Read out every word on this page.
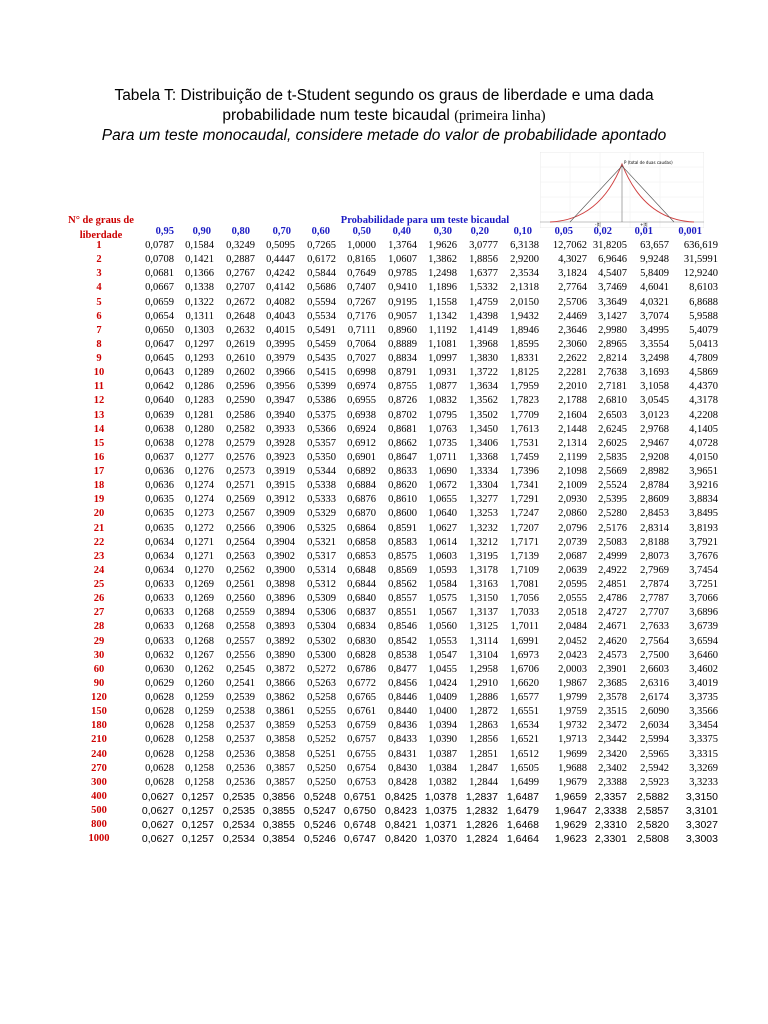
Tabela T: Distribuição de t-Student segundo os graus de liberdade e uma dada
probabilidade num teste bicaudal (primeira linha)
Para um teste monocaudal, considere metade do valor de probabilidade apontado
P (total de duas caudas)
-|t|	+|t|
N° de graus de liberdade
Probabilidade para um teste bicaudal
0,95	0,90	0,80	0,70	0,60	0,50	0,40	0,30	0,20	0,10	0,05	0,02	0,01	0,001
1	0,0787	0,1584	0,3249	0,5095	0,7265	1,0000	1,3764	1,9626	3,0777	6,3138	12,7062	31,8205	63,657	636,619
2	0,0708	0,1421	0,2887	0,4447	0,6172	0,8165	1,0607	1,3862	1,8856	2,9200	4,3027	6,9646	9,9248	31,5991
3	0,0681	0,1366	0,2767	0,4242	0,5844	0,7649	0,9785	1,2498	1,6377	2,3534	3,1824	4,5407	5,8409	12,9240
4	0,0667	0,1338	0,2707	0,4142	0,5686	0,7407	0,9410	1,1896	1,5332	2,1318	2,7764	3,7469	4,6041	8,6103
5	0,0659	0,1322	0,2672	0,4082	0,5594	0,7267	0,9195	1,1558	1,4759	2,0150	2,5706	3,3649	4,0321	6,8688
6	0,0654	0,1311	0,2648	0,4043	0,5534	0,7176	0,9057	1,1342	1,4398	1,9432	2,4469	3,1427	3,7074	5,9588
7	0,0650	0,1303	0,2632	0,4015	0,5491	0,7111	0,8960	1,1192	1,4149	1,8946	2,3646	2,9980	3,4995	5,4079
8	0,0647	0,1297	0,2619	0,3995	0,5459	0,7064	0,8889	1,1081	1,3968	1,8595	2,3060	2,8965	3,3554	5,0413
9	0,0645	0,1293	0,2610	0,3979	0,5435	0,7027	0,8834	1,0997	1,3830	1,8331	2,2622	2,8214	3,2498	4,7809
10	0,0643	0,1289	0,2602	0,3966	0,5415	0,6998	0,8791	1,0931	1,3722	1,8125	2,2281	2,7638	3,1693	4,5869
11	0,0642	0,1286	0,2596	0,3956	0,5399	0,6974	0,8755	1,0877	1,3634	1,7959	2,2010	2,7181	3,1058	4,4370
12	0,0640	0,1283	0,2590	0,3947	0,5386	0,6955	0,8726	1,0832	1,3562	1,7823	2,1788	2,6810	3,0545	4,3178
13	0,0639	0,1281	0,2586	0,3940	0,5375	0,6938	0,8702	1,0795	1,3502	1,7709	2,1604	2,6503	3,0123	4,2208
14	0,0638	0,1280	0,2582	0,3933	0,5366	0,6924	0,8681	1,0763	1,3450	1,7613	2,1448	2,6245	2,9768	4,1405
15	0,0638	0,1278	0,2579	0,3928	0,5357	0,6912	0,8662	1,0735	1,3406	1,7531	2,1314	2,6025	2,9467	4,0728
16	0,0637	0,1277	0,2576	0,3923	0,5350	0,6901	0,8647	1,0711	1,3368	1,7459	2,1199	2,5835	2,9208	4,0150
17	0,0636	0,1276	0,2573	0,3919	0,5344	0,6892	0,8633	1,0690	1,3334	1,7396	2,1098	2,5669	2,8982	3,9651
18	0,0636	0,1274	0,2571	0,3915	0,5338	0,6884	0,8620	1,0672	1,3304	1,7341	2,1009	2,5524	2,8784	3,9216
19	0,0635	0,1274	0,2569	0,3912	0,5333	0,6876	0,8610	1,0655	1,3277	1,7291	2,0930	2,5395	2,8609	3,8834
20	0,0635	0,1273	0,2567	0,3909	0,5329	0,6870	0,8600	1,0640	1,3253	1,7247	2,0860	2,5280	2,8453	3,8495
21	0,0635	0,1272	0,2566	0,3906	0,5325	0,6864	0,8591	1,0627	1,3232	1,7207	2,0796	2,5176	2,8314	3,8193
22	0,0634	0,1271	0,2564	0,3904	0,5321	0,6858	0,8583	1,0614	1,3212	1,7171	2,0739	2,5083	2,8188	3,7921
23	0,0634	0,1271	0,2563	0,3902	0,5317	0,6853	0,8575	1,0603	1,3195	1,7139	2,0687	2,4999	2,8073	3,7676
24	0,0634	0,1270	0,2562	0,3900	0,5314	0,6848	0,8569	1,0593	1,3178	1,7109	2,0639	2,4922	2,7969	3,7454
25	0,0633	0,1269	0,2561	0,3898	0,5312	0,6844	0,8562	1,0584	1,3163	1,7081	2,0595	2,4851	2,7874	3,7251
26	0,0633	0,1269	0,2560	0,3896	0,5309	0,6840	0,8557	1,0575	1,3150	1,7056	2,0555	2,4786	2,7787	3,7066
27	0,0633	0,1268	0,2559	0,3894	0,5306	0,6837	0,8551	1,0567	1,3137	1,7033	2,0518	2,4727	2,7707	3,6896
28	0,0633	0,1268	0,2558	0,3893	0,5304	0,6834	0,8546	1,0560	1,3125	1,7011	2,0484	2,4671	2,7633	3,6739
29	0,0633	0,1268	0,2557	0,3892	0,5302	0,6830	0,8542	1,0553	1,3114	1,6991	2,0452	2,4620	2,7564	3,6594
30	0,0632	0,1267	0,2556	0,3890	0,5300	0,6828	0,8538	1,0547	1,3104	1,6973	2,0423	2,4573	2,7500	3,6460
60	0,0630	0,1262	0,2545	0,3872	0,5272	0,6786	0,8477	1,0455	1,2958	1,6706	2,0003	2,3901	2,6603	3,4602
90	0,0629	0,1260	0,2541	0,3866	0,5263	0,6772	0,8456	1,0424	1,2910	1,6620	1,9867	2,3685	2,6316	3,4019
120	0,0628	0,1259	0,2539	0,3862	0,5258	0,6765	0,8446	1,0409	1,2886	1,6577	1,9799	2,3578	2,6174	3,3735
150	0,0628	0,1259	0,2538	0,3861	0,5255	0,6761	0,8440	1,0400	1,2872	1,6551	1,9759	2,3515	2,6090	3,3566
180	0,0628	0,1258	0,2537	0,3859	0,5253	0,6759	0,8436	1,0394	1,2863	1,6534	1,9732	2,3472	2,6034	3,3454
210	0,0628	0,1258	0,2537	0,3858	0,5252	0,6757	0,8433	1,0390	1,2856	1,6521	1,9713	2,3442	2,5994	3,3375
240	0,0628	0,1258	0,2536	0,3858	0,5251	0,6755	0,8431	1,0387	1,2851	1,6512	1,9699	2,3420	2,5965	3,3315
270	0,0628	0,1258	0,2536	0,3857	0,5250	0,6754	0,8430	1,0384	1,2847	1,6505	1,9688	2,3402	2,5942	3,3269
300	0,0628	0,1258	0,2536	0,3857	0,5250	0,6753	0,8428	1,0382	1,2844	1,6499	1,9679	2,3388	2,5923	3,3233
400	0,0627	0,1257	0,2535	0,3856	0,5248	0,6751	0,8425	1,0378	1,2837	1,6487	1,9659	2,3357	2,5882	3,3150
500	0,0627	0,1257	0,2535	0,3855	0,5247	0,6750	0,8423	1,0375	1,2832	1,6479	1,9647	2,3338	2,5857	3,3101
800	0,0627	0,1257	0,2534	0,3855	0,5246	0,6748	0,8421	1,0371	1,2826	1,6468	1,9629	2,3310	2,5820	3,3027
1000	0,0627	0,1257	0,2534	0,3854	0,5246	0,6747	0,8420	1,0370	1,2824	1,6464	1,9623	2,3301	2,5808	3,3003
